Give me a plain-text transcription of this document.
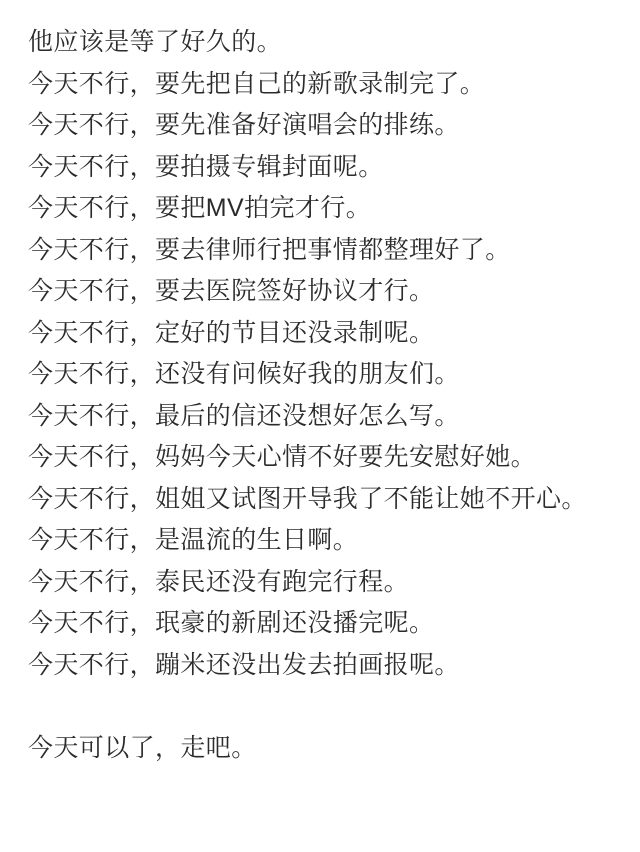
他应该是等了好久的。
今天不行，要先把自己的新歌录制完了。
今天不行，要先准备好演唱会的排练。
今天不行，要拍摄专辑封面呢。
今天不行，要把MV拍完才行。
今天不行，要去律师行把事情都整理好了。
今天不行，要去医院签好协议才行。
今天不行，定好的节目还没录制呢。
今天不行，还没有问候好我的朋友们。
今天不行，最后的信还没想好怎么写。
今天不行，妈妈今天心情不好要先安慰好她。
今天不行，姐姐又试图开导我了不能让她不开心。
今天不行，是温流的生日啊。
今天不行，泰民还没有跑完行程。
今天不行，珉豪的新剧还没播完呢。
今天不行，蹦米还没出发去拍画报呢。
今天可以了，走吧。
